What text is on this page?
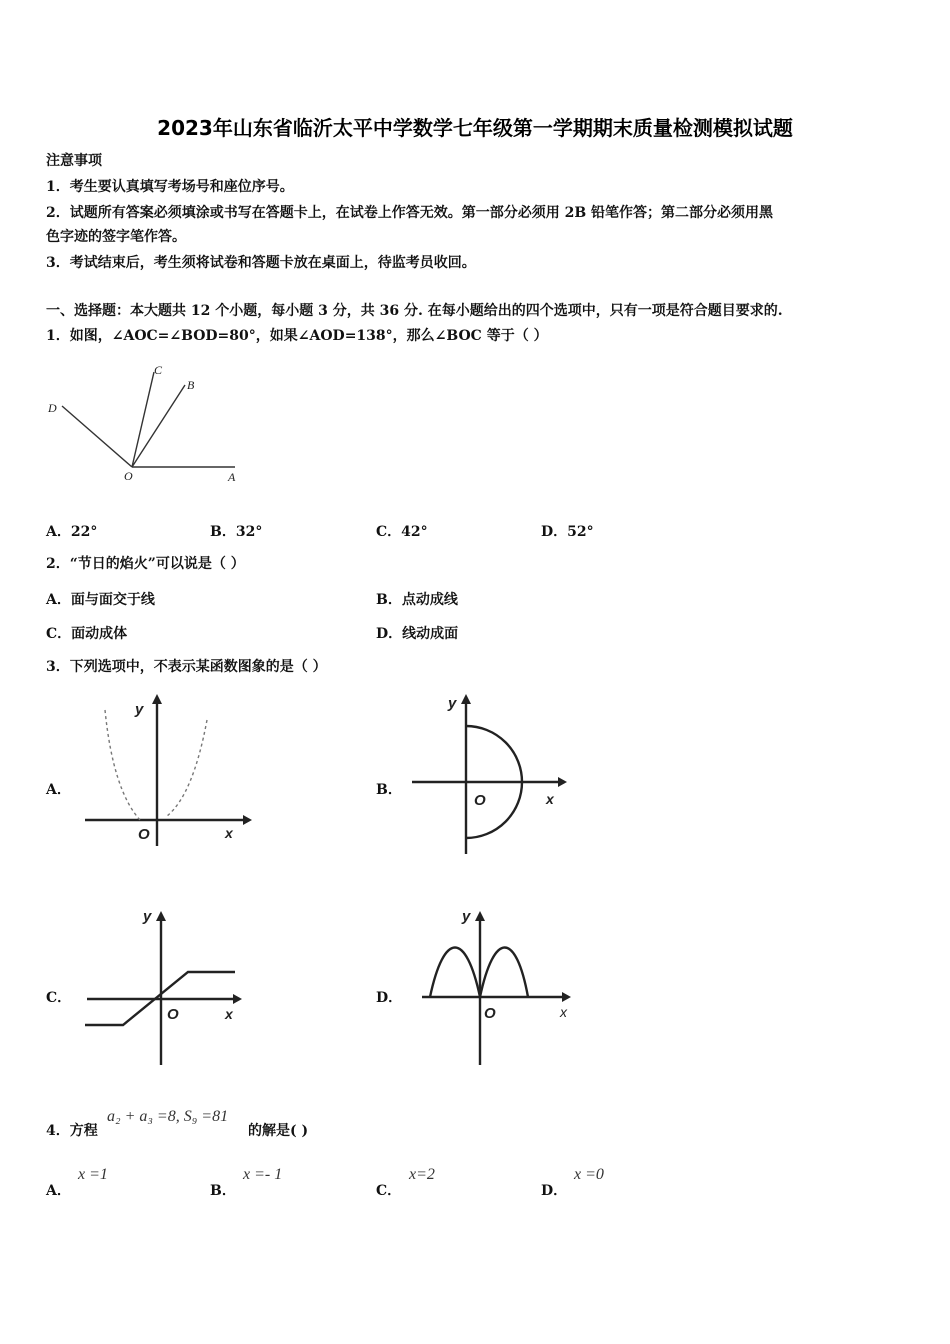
2023年山东省临沂太平中学数学七年级第一学期期末质量检测模拟试题
注意事项
1．考生要认真填写考场号和座位序号。
2．试题所有答案必须填涂或书写在答题卡上，在试卷上作答无效。第一部分必须用 2B 铅笔作答；第二部分必须用黑
色字迹的签字笔作答。
3．考试结束后，考生须将试卷和答题卡放在桌面上，待监考员收回。
一、选择题：本大题共 12 个小题，每小题 3 分，共 36 分. 在每小题给出的四个选项中，只有一项是符合题目要求的.
1．如图，∠AOC=∠BOD=80°，如果∠AOD=138°，那么∠BOC 等于（ ）
C
B
D
O	A
A．22°	B．32°	C．42°	D．52°
2．“节日的焰火”可以说是（ ）
A．面与面交于线	B．点动成线
C．面动成体	D．线动成面
3．下列选项中，不表示某函数图象的是（ ）
A．
y
x
O
B．
y
x
O
C．
y
x
O
D．
y
x
O
4．方程
a₂ + a₃ =8, S₉ =81
的解是( )
A．
x =1
B．
x =- 1
C．
x=2
D．
x =0
